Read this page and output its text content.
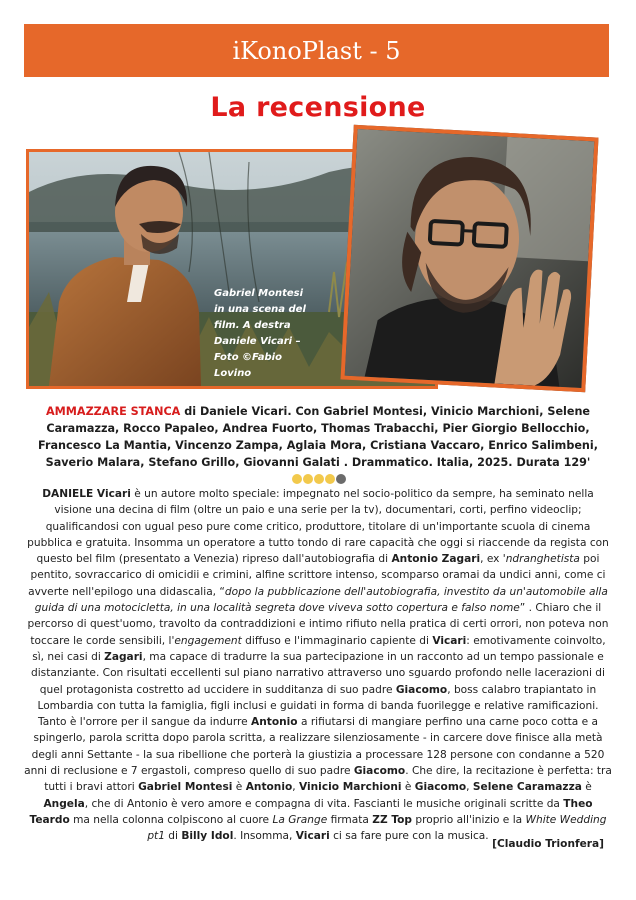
iKonoPlast - 5
La recensione
Gabriel Montesi
in una scena del
film. A destra
Daniele Vicari –
Foto ©Fabio
Lovino
AMMAZZARE STANCA di Daniele Vicari. Con Gabriel Montesi, Vinicio Marchioni, Selene Caramazza, Rocco Papaleo, Andrea Fuorto, Thomas Trabacchi, Pier Giorgio Bellocchio, Francesco La Mantia, Vincenzo Zampa, Aglaia Mora, Cristiana Vaccaro, Enrico Salimbeni, Saverio Malara, Stefano Grillo, Giovanni Galati . Drammatico. Italia, 2025. Durata 129'
DANIELE Vicari è un autore molto speciale: impegnato nel socio-politico da sempre, ha seminato nella visione una decina di film (oltre un paio e una serie per la tv), documentari, corti, perfino videoclip; qualificandosi con ugual peso pure come critico, produttore, titolare di un'importante scuola di cinema pubblica e gratuita. Insomma un operatore a tutto tondo di rare capacità che oggi si riaccende da regista con questo bel film (presentato a Venezia) ripreso dall'autobiografia di Antonio Zagari, ex 'ndranghetista poi pentito, sovraccarico di omicidii e crimini, alfine scrittore intenso, scomparso oramai da undici anni, come ci avverte nell'epilogo una didascalia, “dopo la pubblicazione dell'autobiografia, investito da un'automobile alla guida di una motocicletta, in una località segreta dove viveva sotto copertura e falso nome” . Chiaro che il percorso di quest'uomo, travolto da contraddizioni e intimo rifiuto nella pratica di certi orrori, non poteva non toccare le corde sensibili, l'engagement diffuso e l'immaginario capiente di Vicari: emotivamente coinvolto, sì, nei casi di Zagari, ma capace di tradurre la sua partecipazione in un racconto ad un tempo passionale e distanziante. Con risultati eccellenti sul piano narrativo attraverso uno sguardo profondo nelle lacerazioni di quel protagonista costretto ad uccidere in sudditanza di suo padre Giacomo, boss calabro trapiantato in Lombardia con tutta la famiglia, figli inclusi e guidati in forma di banda fuorilegge e relative ramificazioni. Tanto è l'orrore per il sangue da indurre Antonio a rifiutarsi di mangiare perfino una carne poco cotta e a spingerlo, parola scritta dopo parola scritta, a realizzare silenziosamente - in carcere dove finisce alla metà degli anni Settante - la sua ribellione che porterà la giustizia a processare 128 persone con condanne a 520 anni di reclusione e 7 ergastoli, compreso quello di suo padre Giacomo. Che dire, la recitazione è perfetta: tra tutti i bravi attori Gabriel Montesi è Antonio, Vinicio Marchioni è Giacomo, Selene Caramazza è Angela, che di Antonio è vero amore e compagna di vita. Fascianti le musiche originali scritte da Theo Teardo ma nella colonna colpiscono al cuore La Grange firmata ZZ Top proprio all'inizio e la White Wedding pt1 di Billy Idol. Insomma, Vicari ci sa fare pure con la musica.
[Claudio Trionfera]
